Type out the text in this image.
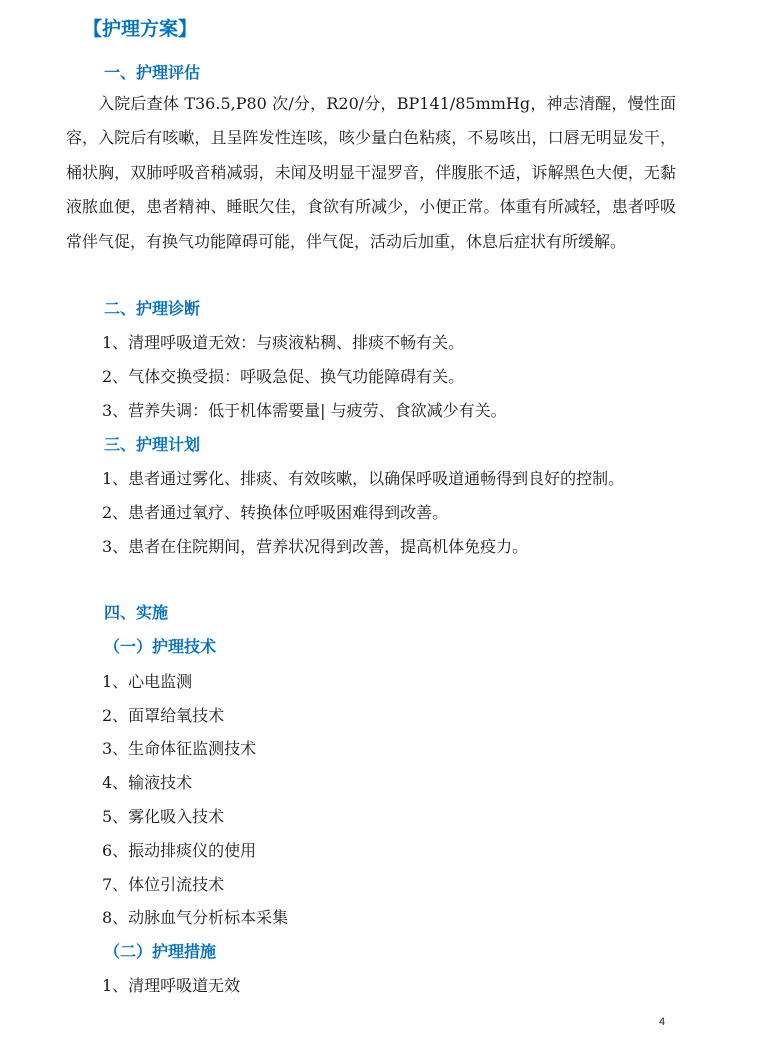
【护理方案】
一、护理评估

入院后查体 T36.5,P80 次/分，R20/分，BP141/85mmHg，神志清醒，慢性面容，入院后有咳嗽，且呈阵发性连咳，咳少量白色粘痰，不易咳出，口唇无明显发干，桶状胸，双肺呼吸音稍减弱，未闻及明显干湿罗音，伴腹胀不适，诉解黑色大便，无黏液脓血便，患者精神、睡眠欠佳，食欲有所减少，小便正常。体重有所减轻，患者呼吸常伴气促，有换气功能障碍可能，伴气促，活动后加重，休息后症状有所缓解。

二、护理诊断

1、清理呼吸道无效：与痰液粘稠、排痰不畅有关。

2、气体交换受损：呼吸急促、换气功能障碍有关。

3、营养失调：低于机体需要量| 与疲劳、食欲减少有关。

三、护理计划

1、患者通过雾化、排痰、有效咳嗽，以确保呼吸道通畅得到良好的控制。

2、患者通过氧疗、转换体位呼吸困难得到改善。

3、患者在住院期间，营养状况得到改善，提高机体免疫力。

四、实施
（一）护理技术

1、心电监测

2、面罩给氧技术

3、生命体征监测技术

4、输液技术

5、雾化吸入技术

6、振动排痰仪的使用

7、体位引流技术

8、动脉血气分析标本采集

（二）护理措施

1、清理呼吸道无效

4
